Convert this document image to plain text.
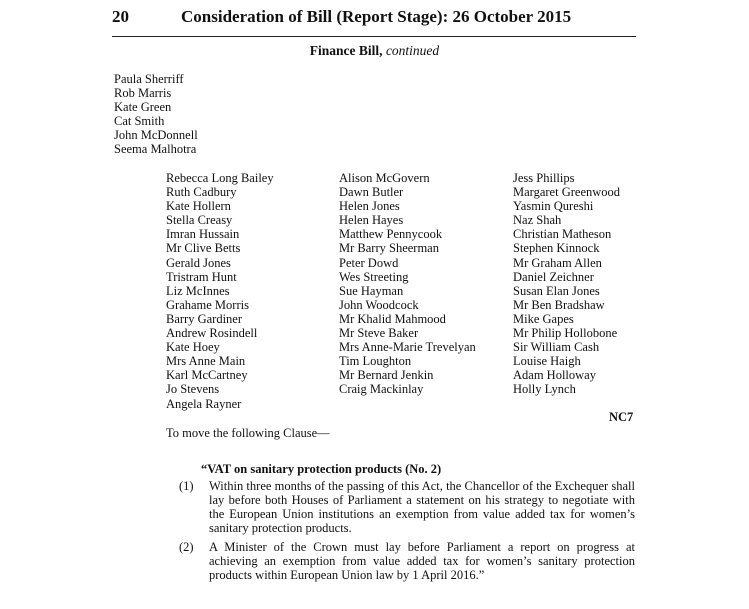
20	Consideration of Bill (Report Stage): 26 October 2015
Finance Bill, continued
Paula Sherriff
Rob Marris
Kate Green
Cat Smith
John McDonnell
Seema Malhotra
Rebecca Long Bailey
Ruth Cadbury
Kate Hollern
Stella Creasy
Imran Hussain
Mr Clive Betts
Gerald Jones
Tristram Hunt
Liz McInnes
Grahame Morris
Barry Gardiner
Andrew Rosindell
Kate Hoey
Mrs Anne Main
Karl McCartney
Jo Stevens
Angela Rayner
Alison McGovern
Dawn Butler
Helen Jones
Helen Hayes
Matthew Pennycook
Mr Barry Sheerman
Peter Dowd
Wes Streeting
Sue Hayman
John Woodcock
Mr Khalid Mahmood
Mr Steve Baker
Mrs Anne-Marie Trevelyan
Tim Loughton
Mr Bernard Jenkin
Craig Mackinlay
Jess Phillips
Margaret Greenwood
Yasmin Qureshi
Naz Shah
Christian Matheson
Stephen Kinnock
Mr Graham Allen
Daniel Zeichner
Susan Elan Jones
Mr Ben Bradshaw
Mike Gapes
Mr Philip Hollobone
Sir William Cash
Louise Haigh
Adam Holloway
Holly Lynch
NC7
To move the following Clause—
“VAT on sanitary protection products (No. 2)
(1) Within three months of the passing of this Act, the Chancellor of the Exchequer shall lay before both Houses of Parliament a statement on his strategy to negotiate with the European Union institutions an exemption from value added tax for women’s sanitary protection products.
(2) A Minister of the Crown must lay before Parliament a report on progress at achieving an exemption from value added tax for women’s sanitary protection products within European Union law by 1 April 2016.”
